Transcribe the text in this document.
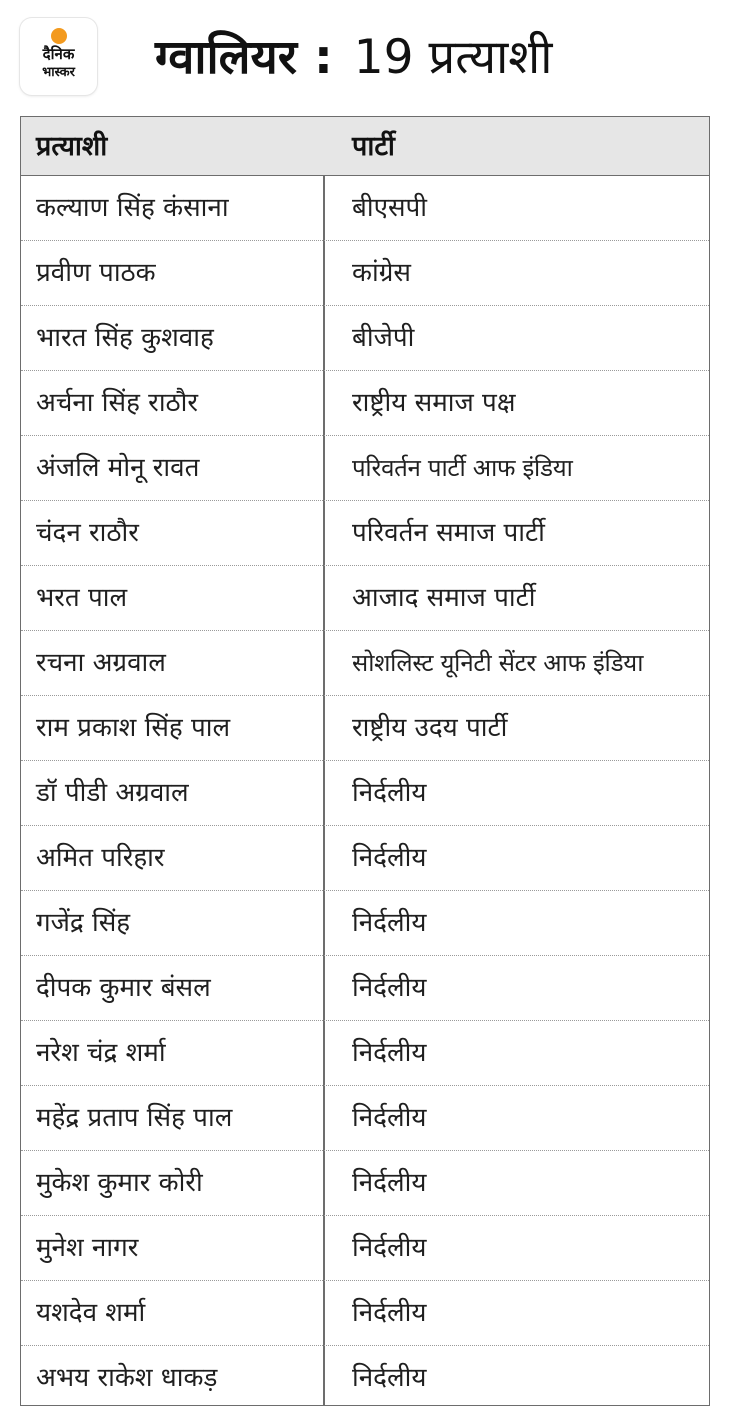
दैनिक
भास्कर	ग्वालियर : 19 प्रत्याशी
प्रत्याशी	पार्टी
कल्याण सिंह कंसाना	बीएसपी
प्रवीण पाठक	कांग्रेस
भारत सिंह कुशवाह	बीजेपी
अर्चना सिंह राठौर	राष्ट्रीय समाज पक्ष
अंजलि मोनू रावत	परिवर्तन पार्टी आफ इंडिया
चंदन राठौर	परिवर्तन समाज पार्टी
भरत पाल	आजाद समाज पार्टी
रचना अग्रवाल	सोशलिस्ट यूनिटी सेंटर आफ इंडिया
राम प्रकाश सिंह पाल	राष्ट्रीय उदय पार्टी
डॉ पीडी अग्रवाल	निर्दलीय
अमित परिहार	निर्दलीय
गजेंद्र सिंह	निर्दलीय
दीपक कुमार बंसल	निर्दलीय
नरेश चंद्र शर्मा	निर्दलीय
महेंद्र प्रताप सिंह पाल	निर्दलीय
मुकेश कुमार कोरी	निर्दलीय
मुनेश नागर	निर्दलीय
यशदेव शर्मा	निर्दलीय
अभय राकेश धाकड़	निर्दलीय
